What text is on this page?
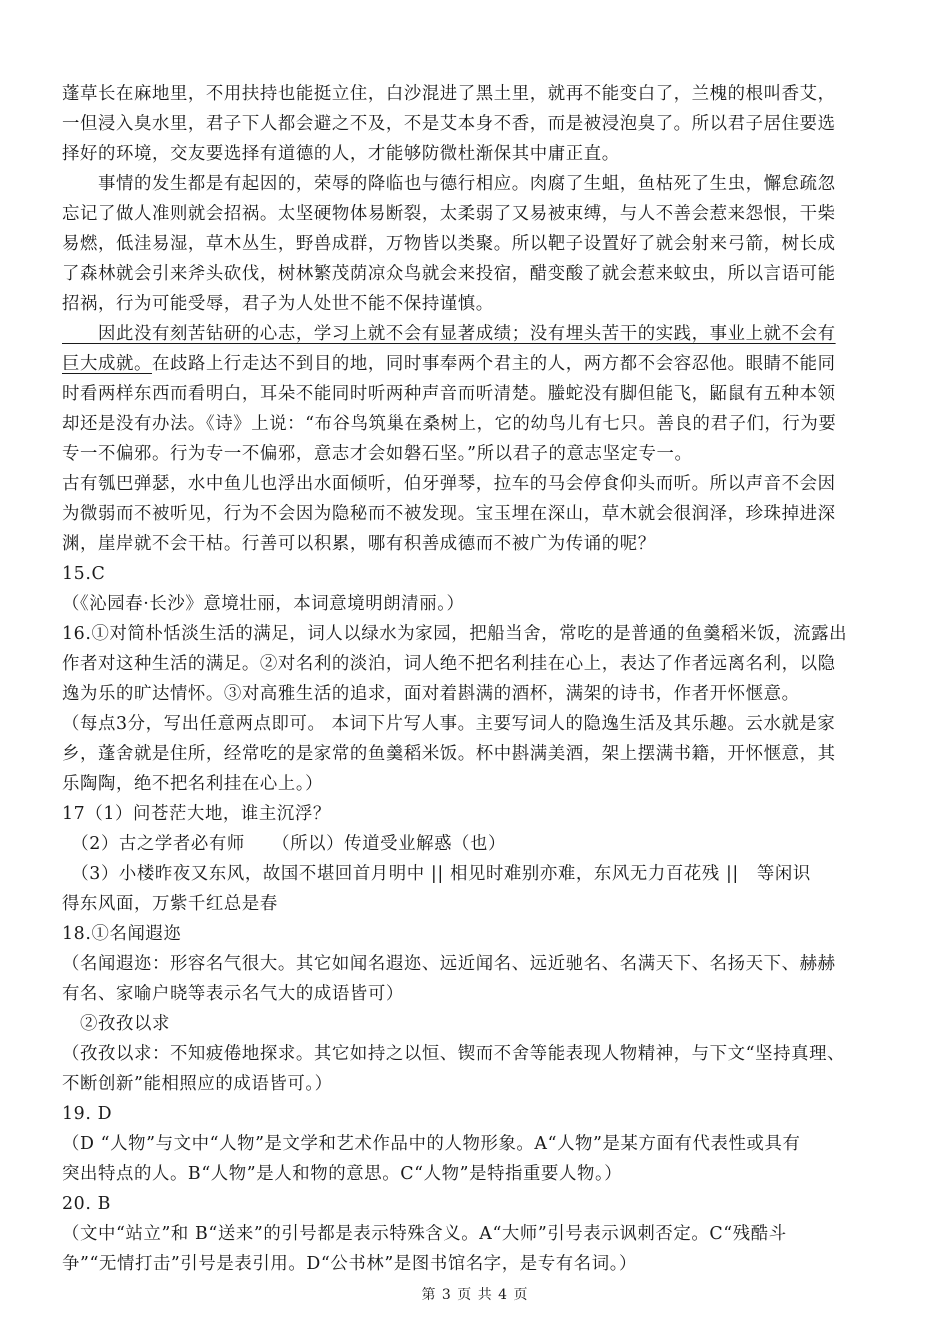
蓬草长在麻地里，不用扶持也能挺立住，白沙混进了黑土里，就再不能变白了，兰槐的根叫香艾，
一但浸入臭水里，君子下人都会避之不及，不是艾本身不香，而是被浸泡臭了。所以君子居住要选
择好的环境，交友要选择有道德的人，才能够防微杜渐保其中庸正直。
　　事情的发生都是有起因的，荣辱的降临也与德行相应。肉腐了生蛆，鱼枯死了生虫，懈怠疏忽
忘记了做人准则就会招祸。太坚硬物体易断裂，太柔弱了又易被束缚，与人不善会惹来怨恨，干柴
易燃，低洼易湿，草木丛生，野兽成群，万物皆以类聚。所以靶子设置好了就会射来弓箭，树长成
了森林就会引来斧头砍伐，树林繁茂荫凉众鸟就会来投宿，醋变酸了就会惹来蚊虫，所以言语可能
招祸，行为可能受辱，君子为人处世不能不保持谨慎。
　　因此没有刻苦钻研的心志，学习上就不会有显著成绩；没有埋头苦干的实践，事业上就不会有
巨大成就。在歧路上行走达不到目的地，同时事奉两个君主的人，两方都不会容忍他。眼睛不能同
时看两样东西而看明白，耳朵不能同时听两种声音而听清楚。螣蛇没有脚但能飞，鼫鼠有五种本领
却还是没有办法。《诗》上说：“布谷鸟筑巢在桑树上，它的幼鸟儿有七只。善良的君子们，行为要
专一不偏邪。行为专一不偏邪，意志才会如磐石坚。”所以君子的意志坚定专一。
古有瓠巴弹瑟，水中鱼儿也浮出水面倾听，伯牙弹琴，拉车的马会停食仰头而听。所以声音不会因
为微弱而不被听见，行为不会因为隐秘而不被发现。宝玉埋在深山，草木就会很润泽，珍珠掉进深
渊，崖岸就不会干枯。行善可以积累，哪有积善成德而不被广为传诵的呢？
15.C
（《沁园春·长沙》意境壮丽，本词意境明朗清丽。）
16.①对简朴恬淡生活的满足，词人以绿水为家园，把船当舍，常吃的是普通的鱼羹稻米饭，流露出
作者对这种生活的满足。②对名利的淡泊，词人绝不把名利挂在心上，表达了作者远离名利，以隐
逸为乐的旷达情怀。③对高雅生活的追求，面对着斟满的酒杯，满架的诗书，作者开怀惬意。
（每点3分，写出任意两点即可。 本词下片写人事。主要写词人的隐逸生活及其乐趣。云水就是家
乡，蓬舍就是住所，经常吃的是家常的鱼羹稻米饭。杯中斟满美酒，架上摆满书籍，开怀惬意，其
乐陶陶，绝不把名利挂在心上。）
17（1）问苍茫大地，谁主沉浮？
　（2）古之学者必有师　　（所以）传道受业解惑（也）
　（3）小楼昨夜又东风，故国不堪回首月明中 || 相见时难别亦难，东风无力百花残 ||　等闲识
得东风面，万紫千红总是春
18.①名闻遐迩
（名闻遐迩：形容名气很大。其它如闻名遐迩、远近闻名、远近驰名、名满天下、名扬天下、赫赫
有名、家喻户晓等表示名气大的成语皆可）
　②孜孜以求
（孜孜以求：不知疲倦地探求。其它如持之以恒、锲而不舍等能表现人物精神，与下文“坚持真理、
不断创新”能相照应的成语皆可。）
19. D
（D “人物”与文中“人物”是文学和艺术作品中的人物形象。A“人物”是某方面有代表性或具有
突出特点的人。B“人物”是人和物的意思。C“人物”是特指重要人物。）
20. B
（文中“站立”和 B“送来”的引号都是表示特殊含义。A“大师”引号表示讽刺否定。C“残酷斗
争”“无情打击”引号是表引用。D“公书林”是图书馆名字，是专有名词。）
第 3 页 共 4 页
